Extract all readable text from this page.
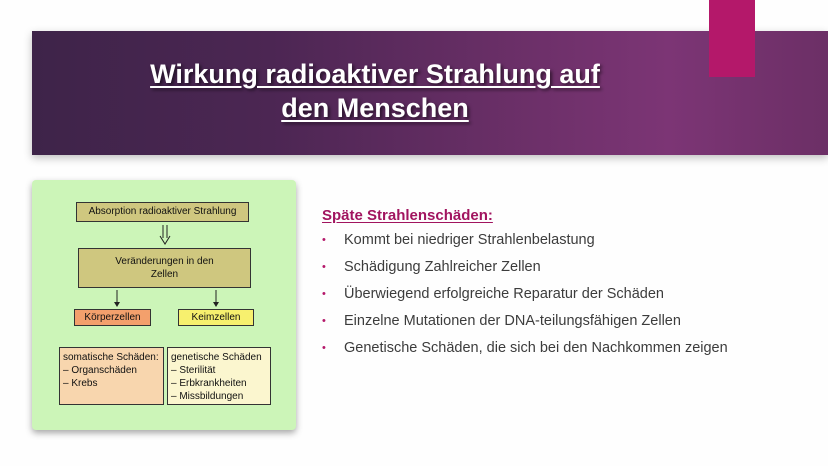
Wirkung radioaktiver Strahlung auf
den Menschen
Absorption radioaktiver Strahlung
Veränderungen in den
Zellen
Körperzellen	Keimzellen
somatische Schäden:
– Organschäden
– Krebs
genetische Schäden
– Sterilität
– Erbkrankheiten
– Missbildungen
Späte Strahlenschäden:
• Kommt bei niedriger Strahlenbelastung
• Schädigung Zahlreicher Zellen
• Überwiegend erfolgreiche Reparatur der Schäden
• Einzelne Mutationen der DNA-teilungsfähigen Zellen
• Genetische Schäden, die sich bei den Nachkommen zeigen
